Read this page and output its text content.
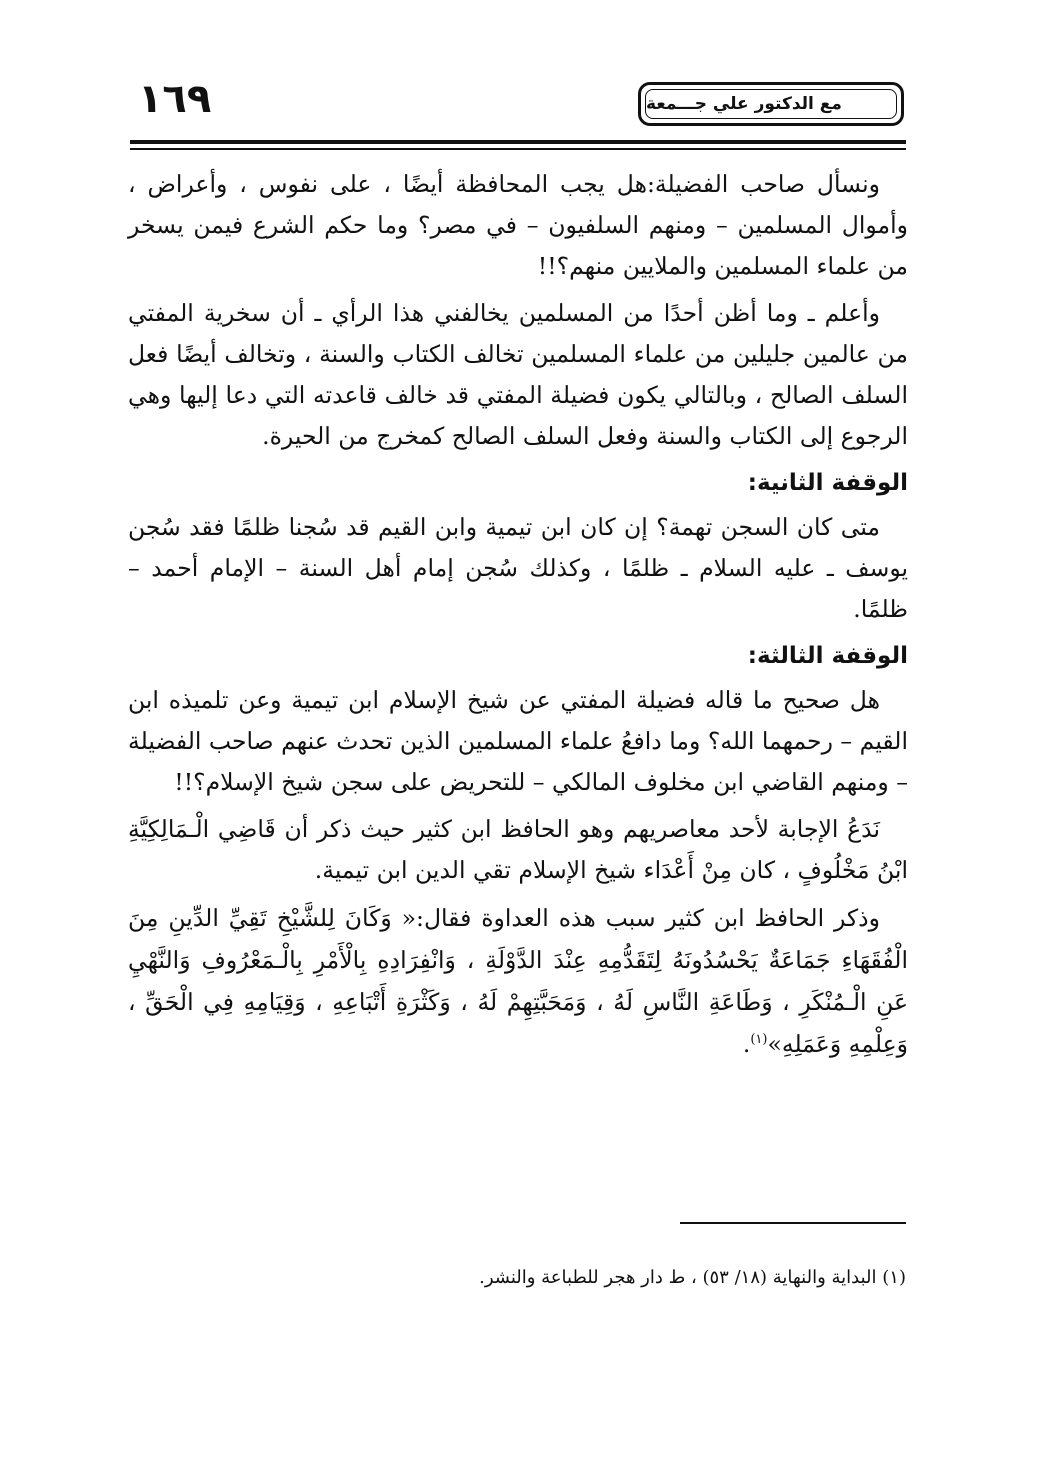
١٦٩	مع الدكتور علي جـــمعة

ونسأل صاحب الفضيلة:هل يجب المحافظة أيضًا ، على نفوس ، وأعراض ، وأموال المسلمين – ومنهم السلفيون – في مصر؟ وما حكم الشرع فيمن يسخر من علماء المسلمين والملايين منهم؟!!

وأعلم ـ وما أظن أحدًا من المسلمين يخالفني هذا الرأي ـ أن سخرية المفتي من عالمين جليلين من علماء المسلمين تخالف الكتاب والسنة ، وتخالف أيضًا فعل السلف الصالح ، وبالتالي يكون فضيلة المفتي قد خالف قاعدته التي دعا إليها وهي الرجوع إلى الكتاب والسنة وفعل السلف الصالح كمخرج من الحيرة.

الوقفة الثانية:

متى كان السجن تهمة؟ إن كان ابن تيمية وابن القيم قد سُجنا ظلمًا فقد سُجن يوسف ـ عليه السلام ـ ظلمًا ، وكذلك سُجن إمام أهل السنة – الإمام أحمد – ظلمًا.

الوقفة الثالثة:

هل صحيح ما قاله فضيلة المفتي عن شيخ الإسلام ابن تيمية وعن تلميذه ابن القيم – رحمهما الله؟ وما دافعُ علماء المسلمين الذين تحدث عنهم صاحب الفضيلة – ومنهم القاضي ابن مخلوف المالكي – للتحريض على سجن شيخ الإسلام؟!!

نَدَعُ الإجابة لأحد معاصريهم وهو الحافظ ابن كثير حيث ذكر أن قَاضِي الْـمَالِكِيَّةِ ابْنُ مَخْلُوفٍ ، كان مِنْ أَعْدَاء شيخ الإسلام تقي الدين ابن تيمية.

وذكر الحافظ ابن كثير سبب هذه العداوة فقال:« وَكَانَ لِلشَّيْخِ تَقِيِّ الدِّينِ مِنَ الْفُقَهَاءِ جَمَاعَةٌ يَحْسُدُونَهُ لِتَقَدُّمِهِ عِنْدَ الدَّوْلَةِ ، وَانْفِرَادِهِ بِالْأَمْرِ بِالْـمَعْرُوفِ وَالنَّهْيِ عَنِ الْـمُنْكَرِ ، وَطَاعَةِ النَّاسِ لَهُ ، وَمَحَبَّتِهِمْ لَهُ ، وَكَثْرَةِ أَتْبَاعِهِ ، وَقِيَامِهِ فِي الْحَقِّ ، وَعِلْمِهِ وَعَمَلِهِ»$^{(١)}$.

(١) البداية والنهاية (١٨/ ٥٣) ، ط دار هجر للطباعة والنشر.
